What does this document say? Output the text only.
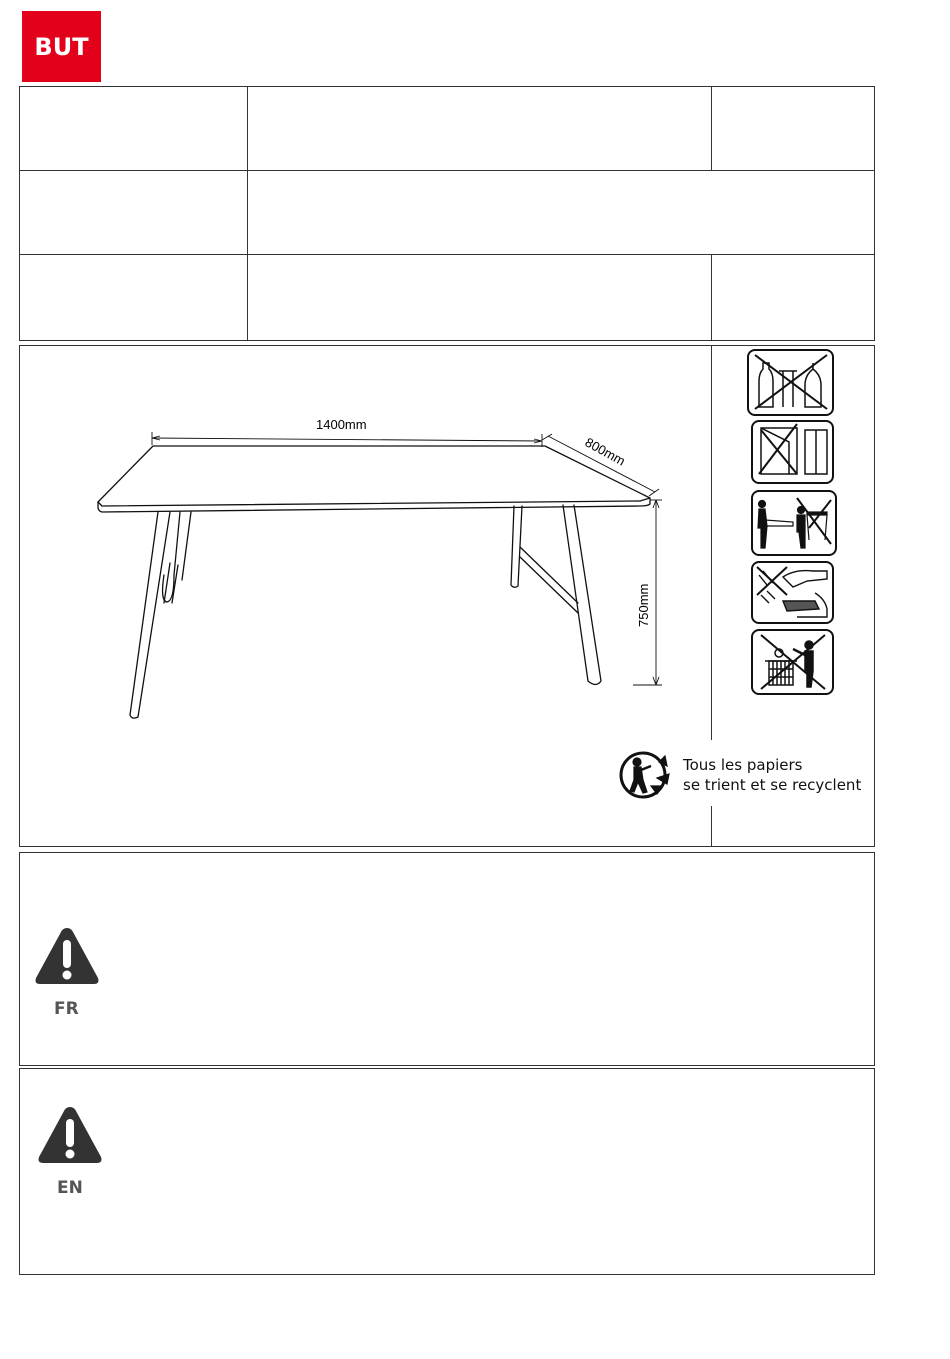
BUT
1400mm
800mm
750mm
Tous les papiers
se trient et se recyclent
FR
EN
